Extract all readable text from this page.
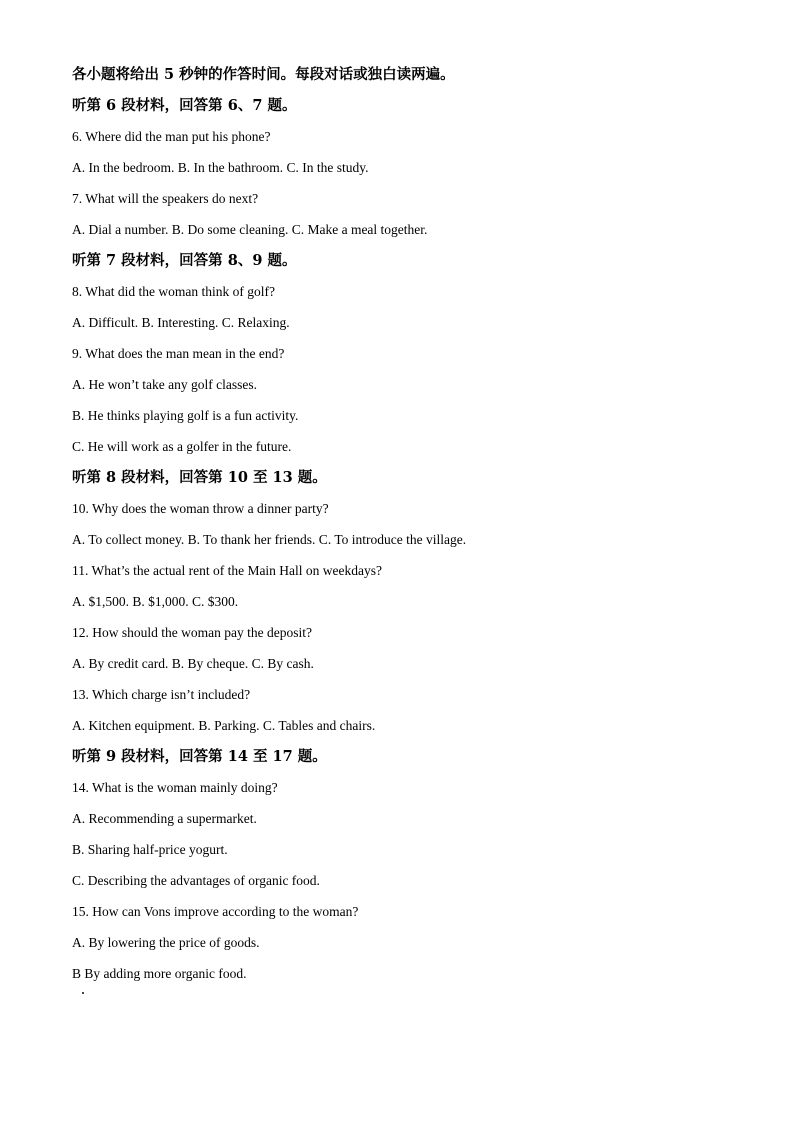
各小题将给出 5 秒钟的作答时间。每段对话或独白读两遍。
听第 6 段材料，回答第 6、7 题。
6. Where did the man put his phone?
A. In the bedroom. B. In the bathroom. C. In the study.
7. What will the speakers do next?
A. Dial a number. B. Do some cleaning. C. Make a meal together.
听第 7 段材料，回答第 8、9 题。
8. What did the woman think of golf?
A. Difficult. B. Interesting. C. Relaxing.
9. What does the man mean in the end?
A. He won’t take any golf classes.
B. He thinks playing golf is a fun activity.
C. He will work as a golfer in the future.
听第 8 段材料，回答第 10 至 13 题。
10. Why does the woman throw a dinner party?
A. To collect money. B. To thank her friends. C. To introduce the village.
11. What’s the actual rent of the Main Hall on weekdays?
A. $1,500. B. $1,000. C. $300.
12. How should the woman pay the deposit?
A. By credit card. B. By cheque. C. By cash.
13. Which charge isn’t included?
A. Kitchen equipment. B. Parking. C. Tables and chairs.
听第 9 段材料，回答第 14 至 17 题。
14. What is the woman mainly doing?
A. Recommending a supermarket.
B. Sharing half-price yogurt.
C. Describing the advantages of organic food.
15. How can Vons improve according to the woman?
A. By lowering the price of goods.
B By adding more organic food.
